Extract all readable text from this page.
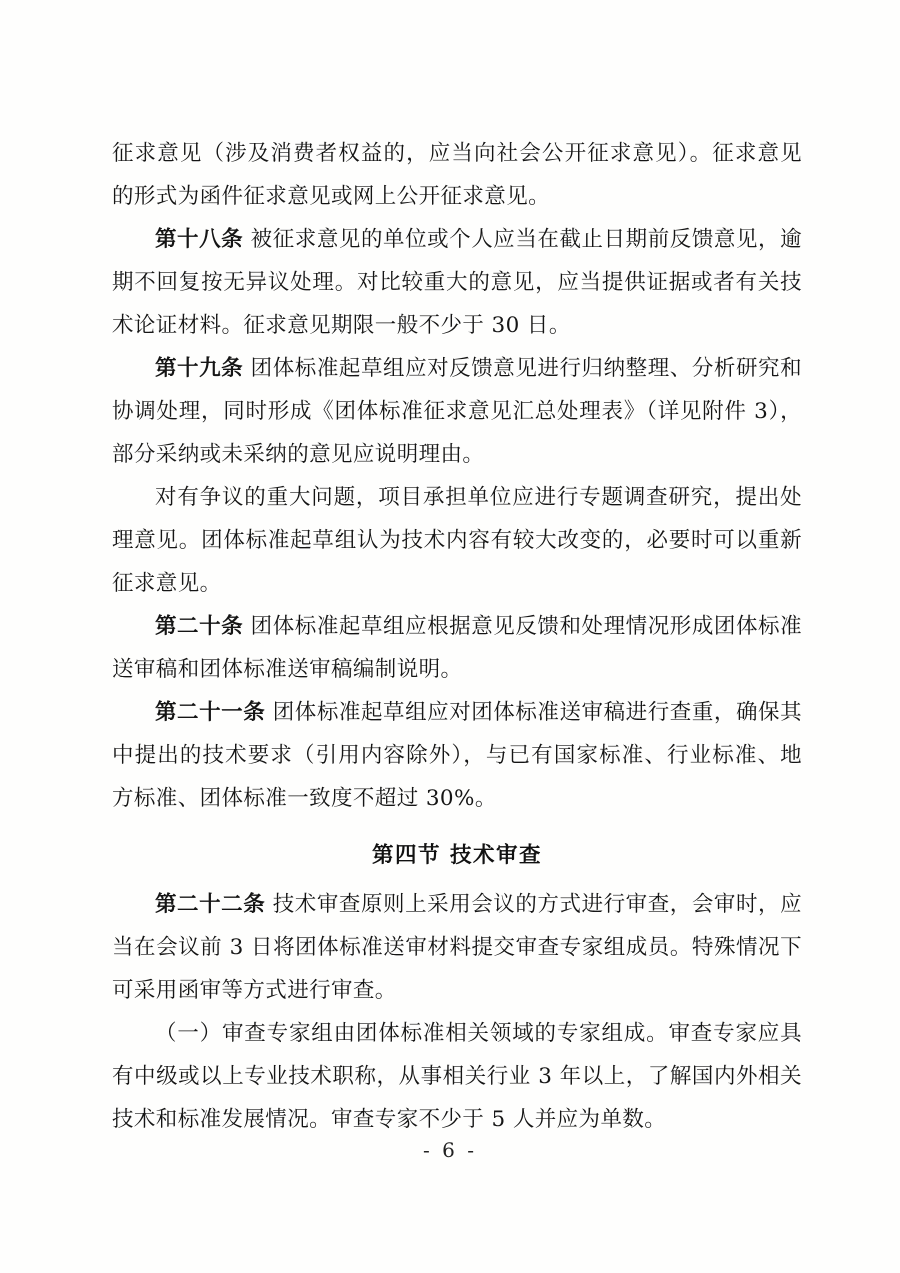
征求意见（涉及消费者权益的，应当向社会公开征求意见）。征求意见的形式为函件征求意见或网上公开征求意见。

第十八条 被征求意见的单位或个人应当在截止日期前反馈意见，逾期不回复按无异议处理。对比较重大的意见，应当提供证据或者有关技术论证材料。征求意见期限一般不少于 30 日。

第十九条 团体标准起草组应对反馈意见进行归纳整理、分析研究和协调处理，同时形成《团体标准征求意见汇总处理表》（详见附件 3），部分采纳或未采纳的意见应说明理由。

对有争议的重大问题，项目承担单位应进行专题调查研究，提出处理意见。团体标准起草组认为技术内容有较大改变的，必要时可以重新征求意见。

第二十条 团体标准起草组应根据意见反馈和处理情况形成团体标准送审稿和团体标准送审稿编制说明。

第二十一条 团体标准起草组应对团体标准送审稿进行查重，确保其中提出的技术要求（引用内容除外），与已有国家标准、行业标准、地方标准、团体标准一致度不超过 30%。

第四节 技术审查

第二十二条 技术审查原则上采用会议的方式进行审查，会审时，应当在会议前 3 日将团体标准送审材料提交审查专家组成员。特殊情况下可采用函审等方式进行审查。

（一）审查专家组由团体标准相关领域的专家组成。审查专家应具有中级或以上专业技术职称，从事相关行业 3 年以上，了解国内外相关技术和标准发展情况。审查专家不少于 5 人并应为单数。

- 6 -
